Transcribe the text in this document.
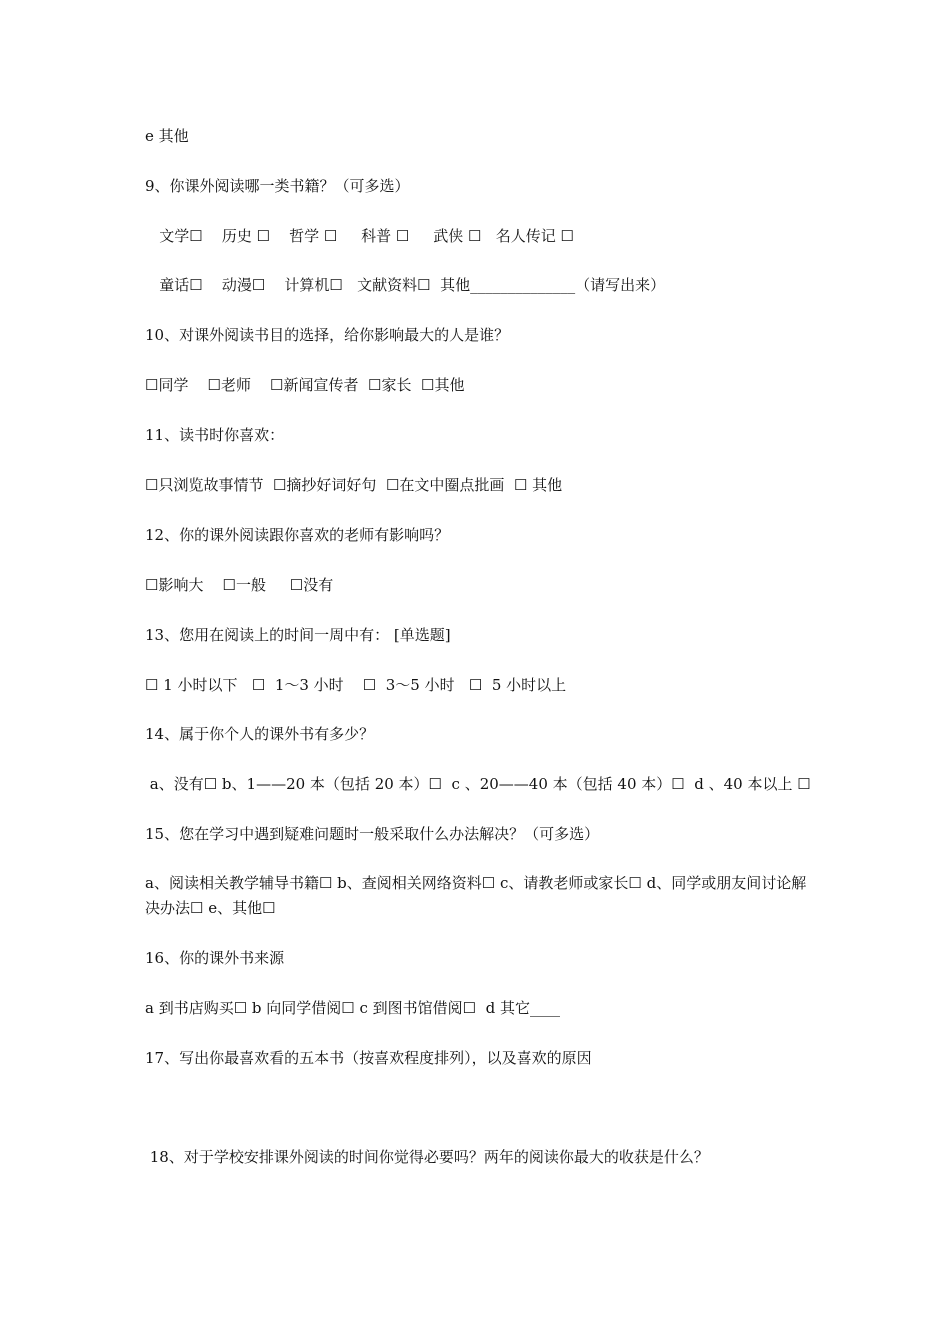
e 其他
9、你课外阅读哪一类书籍？（可多选）
文学☐    历史 ☐    哲学 ☐     科普 ☐     武侠 ☐   名人传记 ☐
童话☐    动漫☐    计算机☐   文献资料☐  其他______________（请写出来）
10、对课外阅读书目的选择，给你影响最大的人是谁？
☐同学    ☐老师    ☐新闻宣传者  ☐家长  ☐其他
11、读书时你喜欢：
☐只浏览故事情节  ☐摘抄好词好句  ☐在文中圈点批画  ☐ 其他
12、你的课外阅读跟你喜欢的老师有影响吗？
☐影响大    ☐一般     ☐没有
13、您用在阅读上的时间一周中有： [单选题]
☐ 1 小时以下   ☐  1～3 小时    ☐  3～5 小时   ☐  5 小时以上
14、属于你个人的课外书有多少？
a、没有☐ b、1——20 本（包括 20 本）☐  c 、20——40 本（包括 40 本）☐  d 、40 本以上 ☐
15、您在学习中遇到疑难问题时一般采取什么办法解决？（可多选）
a、阅读相关教学辅导书籍☐ b、查阅相关网络资料☐ c、请教老师或家长☐ d、同学或朋友间讨论解决办法☐ e、其他☐
16、你的课外书来源
a 到书店购买☐ b 向同学借阅☐ c 到图书馆借阅☐  d 其它____
17、写出你最喜欢看的五本书（按喜欢程度排列），以及喜欢的原因
18、对于学校安排课外阅读的时间你觉得必要吗？两年的阅读你最大的收获是什么？
